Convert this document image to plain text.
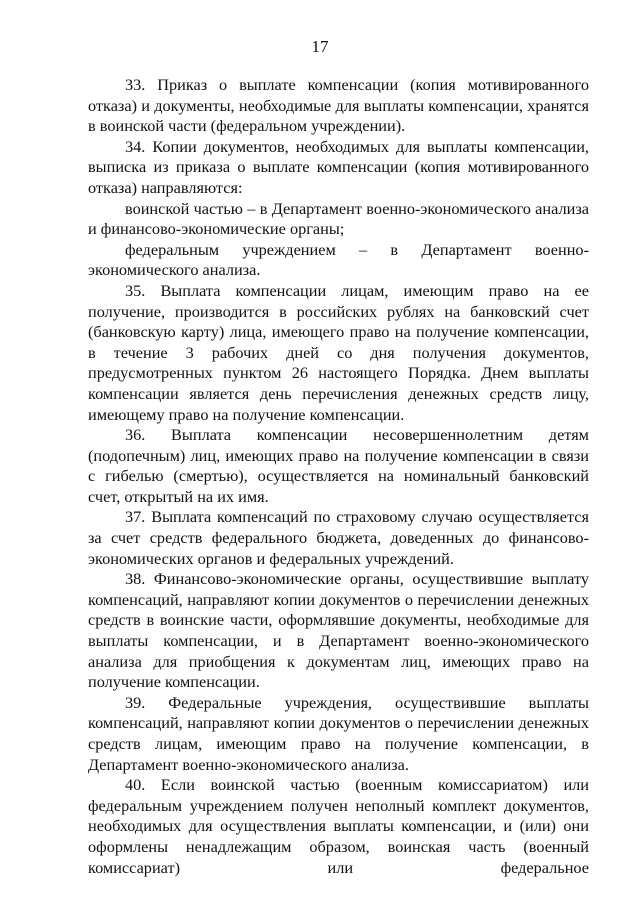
17

33. Приказ о выплате компенсации (копия мотивированного отказа) и документы, необходимые для выплаты компенсации, хранятся в воинской части (федеральном учреждении).

34. Копии документов, необходимых для выплаты компенсации, выписка из приказа о выплате компенсации (копия мотивированного отказа) направляются:

воинской частью – в Департамент военно-экономического анализа и финансово-экономические органы;

федеральным учреждением – в Департамент военно-экономического анализа.

35. Выплата компенсации лицам, имеющим право на ее получение, производится в российских рублях на банковский счет (банковскую карту) лица, имеющего право на получение компенсации, в течение 3 рабочих дней со дня получения документов, предусмотренных пунктом 26 настоящего Порядка. Днем выплаты компенсации является день перечисления денежных средств лицу, имеющему право на получение компенсации.

36. Выплата компенсации несовершеннолетним детям (подопечным) лиц, имеющих право на получение компенсации в связи с гибелью (смертью), осуществляется на номинальный банковский счет, открытый на их имя.

37. Выплата компенсаций по страховому случаю осуществляется за счет средств федерального бюджета, доведенных до финансово-экономических органов и федеральных учреждений.

38. Финансово-экономические органы, осуществившие выплату компенсаций, направляют копии документов о перечислении денежных средств в воинские части, оформлявшие документы, необходимые для выплаты компенсации, и в Департамент военно-экономического анализа для приобщения к документам лиц, имеющих право на получение компенсации.

39. Федеральные учреждения, осуществившие выплаты компенсаций, направляют копии документов о перечислении денежных средств лицам, имеющим право на получение компенсации, в Департамент военно-экономического анализа.

40. Если воинской частью (военным комиссариатом) или федеральным учреждением получен неполный комплект документов, необходимых для осуществления выплаты компенсации, и (или) они оформлены ненадлежащим образом, воинская часть (военный комиссариат) или федеральное
